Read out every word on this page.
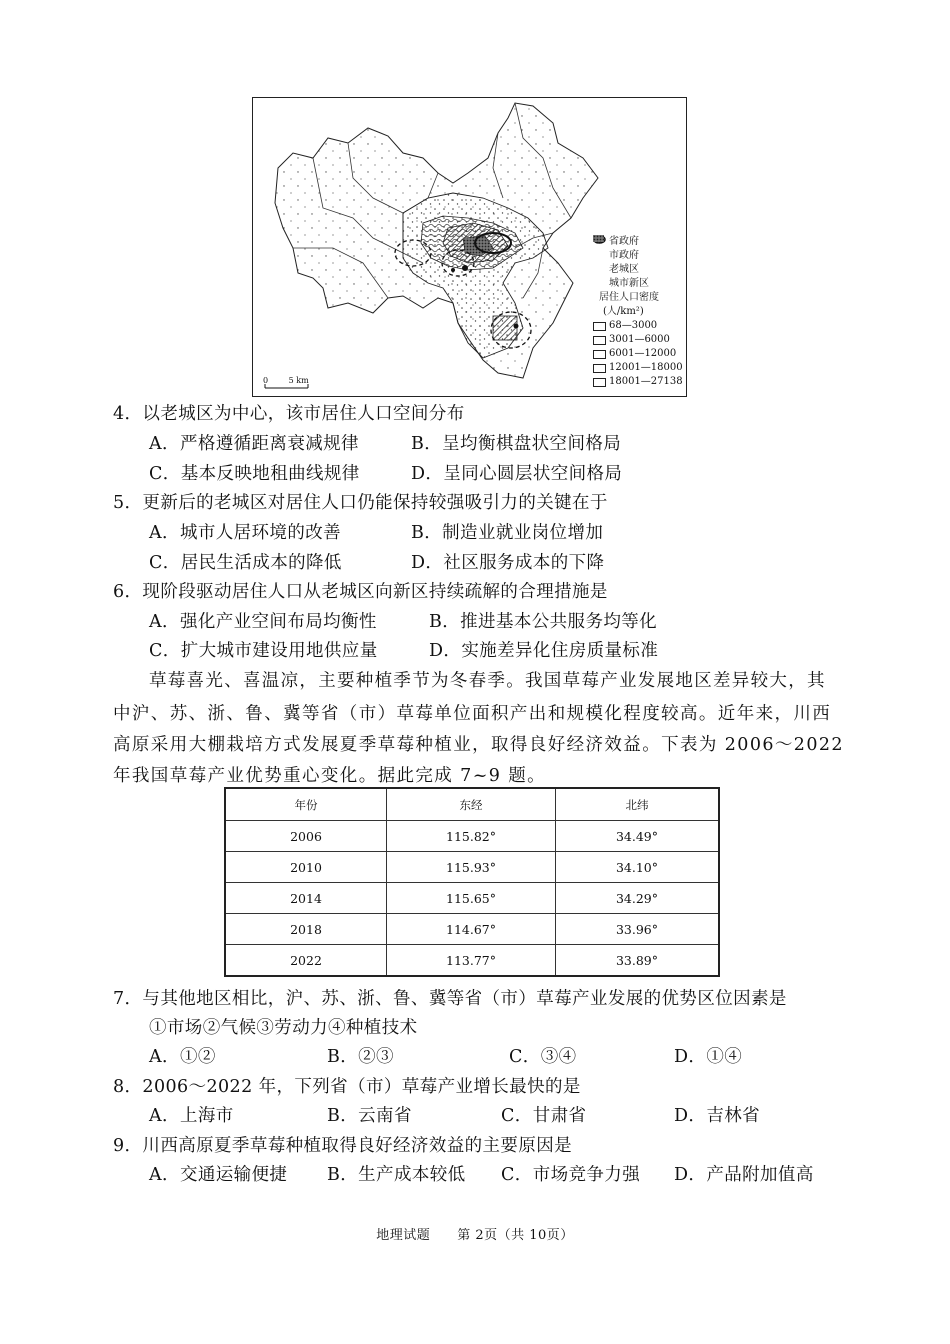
0	5 km
省政府
市政府
老城区
城市新区
居住人口密度
(人/km²)
68—3000
3001—6000
6001—12000
12001—18000
18001—27138
4．以老城区为中心，该市居住人口空间分布
A．严格遵循距离衰减规律	B．呈均衡棋盘状空间格局
C．基本反映地租曲线规律	D．呈同心圆层状空间格局
5．更新后的老城区对居住人口仍能保持较强吸引力的关键在于
A．城市人居环境的改善	B．制造业就业岗位增加
C．居民生活成本的降低	D．社区服务成本的下降
6．现阶段驱动居住人口从老城区向新区持续疏解的合理措施是
A．强化产业空间布局均衡性	B．推进基本公共服务均等化
C．扩大城市建设用地供应量	D．实施差异化住房质量标准
草莓喜光、喜温凉，主要种植季节为冬春季。我国草莓产业发展地区差异较大，其
中沪、苏、浙、鲁、冀等省（市）草莓单位面积产出和规模化程度较高。近年来，川西
高原采用大棚栽培方式发展夏季草莓种植业，取得良好经济效益。下表为 2006～2022
年我国草莓产业优势重心变化。据此完成 7~9 题。
年份	东经	北纬
2006	115.82°	34.49°
2010	115.93°	34.10°
2014	115.65°	34.29°
2018	114.67°	33.96°
2022	113.77°	33.89°
7．与其他地区相比，沪、苏、浙、鲁、冀等省（市）草莓产业发展的优势区位因素是
①市场②气候③劳动力④种植技术
A．①②	B．②③	C．③④	D．①④
8．2006～2022 年，下列省（市）草莓产业增长最快的是
A．上海市	B．云南省	C．甘肃省	D．吉林省
9．川西高原夏季草莓种植取得良好经济效益的主要原因是
A．交通运输便捷 B．生产成本较低 C．市场竞争力强 D．产品附加值高
地理试题　　第 2页（共 10页）
